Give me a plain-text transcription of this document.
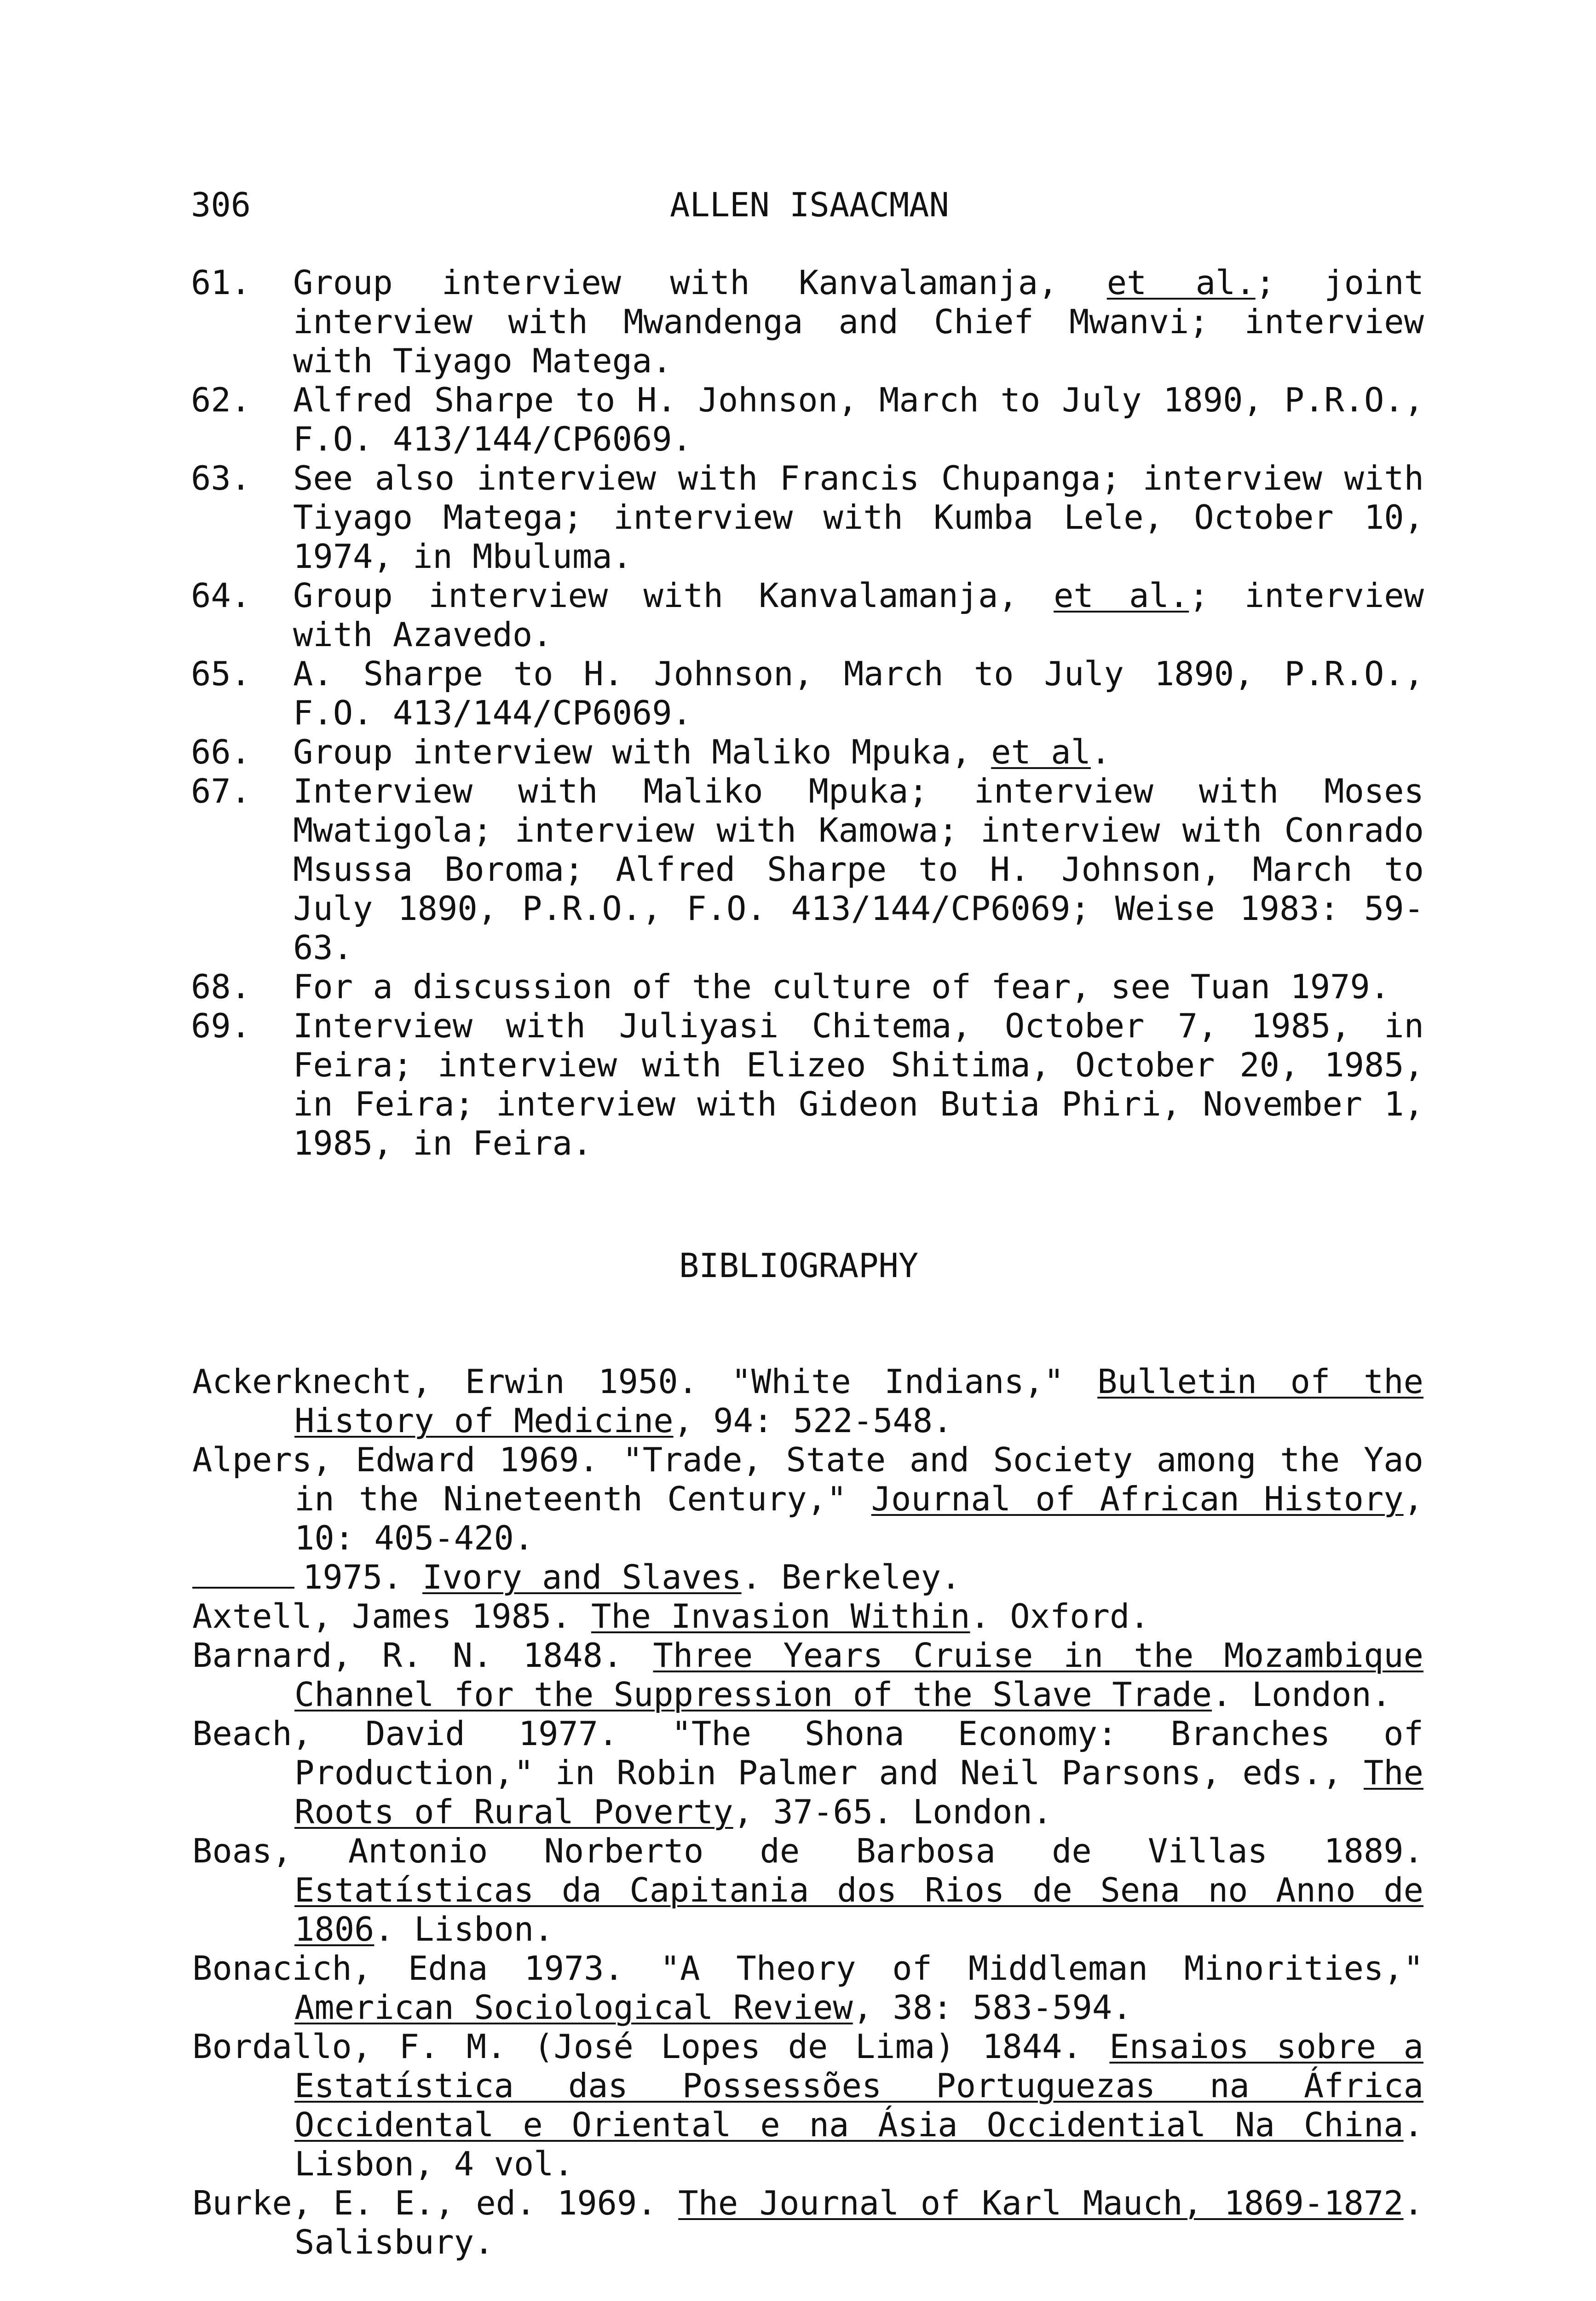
306	ALLEN ISAACMAN
61. Group interview with Kanvalamanja, et al.; joint interview with Mwandenga and Chief Mwanvi; interview with Tiyago Matega.
62. Alfred Sharpe to H. Johnson, March to July 1890, P.R.O., F.O. 413/144/CP6069.
63. See also interview with Francis Chupanga; interview with Tiyago Matega; interview with Kumba Lele, October 10, 1974, in Mbuluma.
64. Group interview with Kanvalamanja, et al.; interview with Azavedo.
65. A. Sharpe to H. Johnson, March to July 1890, P.R.O., F.O. 413/144/CP6069.
66. Group interview with Maliko Mpuka, et al.
67. Interview with Maliko Mpuka; interview with Moses Mwatigola; interview with Kamowa; interview with Conrado Msussa Boroma; Alfred Sharpe to H. Johnson, March to July 1890, P.R.O., F.O. 413/144/CP6069; Weise 1983: 59-63.
68. For a discussion of the culture of fear, see Tuan 1979.
69. Interview with Juliyasi Chitema, October 7, 1985, in Feira; interview with Elizeo Shitima, October 20, 1985, in Feira; interview with Gideon Butia Phiri, November 1, 1985, in Feira.
BIBLIOGRAPHY
Ackerknecht, Erwin 1950. "White Indians," Bulletin of the History of Medicine, 94: 522-548.
Alpers, Edward 1969. "Trade, State and Society among the Yao in the Nineteenth Century," Journal of African History, 10: 405-420.
1975. Ivory and Slaves. Berkeley.
Axtell, James 1985. The Invasion Within. Oxford.
Barnard, R. N. 1848. Three Years Cruise in the Mozambique Channel for the Suppression of the Slave Trade. London.
Beach, David 1977. "The Shona Economy: Branches of Production," in Robin Palmer and Neil Parsons, eds., The Roots of Rural Poverty, 37-65. London.
Boas, Antonio Norberto de Barbosa de Villas 1889. Estatísticas da Capitania dos Rios de Sena no Anno de 1806. Lisbon.
Bonacich, Edna 1973. "A Theory of Middleman Minorities," American Sociological Review, 38: 583-594.
Bordallo, F. M. (José Lopes de Lima) 1844. Ensaios sobre a Estatística das Possessões Portuguezas na África Occidental e Oriental e na Ásia Occidential Na China. Lisbon, 4 vol.
Burke, E. E., ed. 1969. The Journal of Karl Mauch, 1869-1872. Salisbury.
